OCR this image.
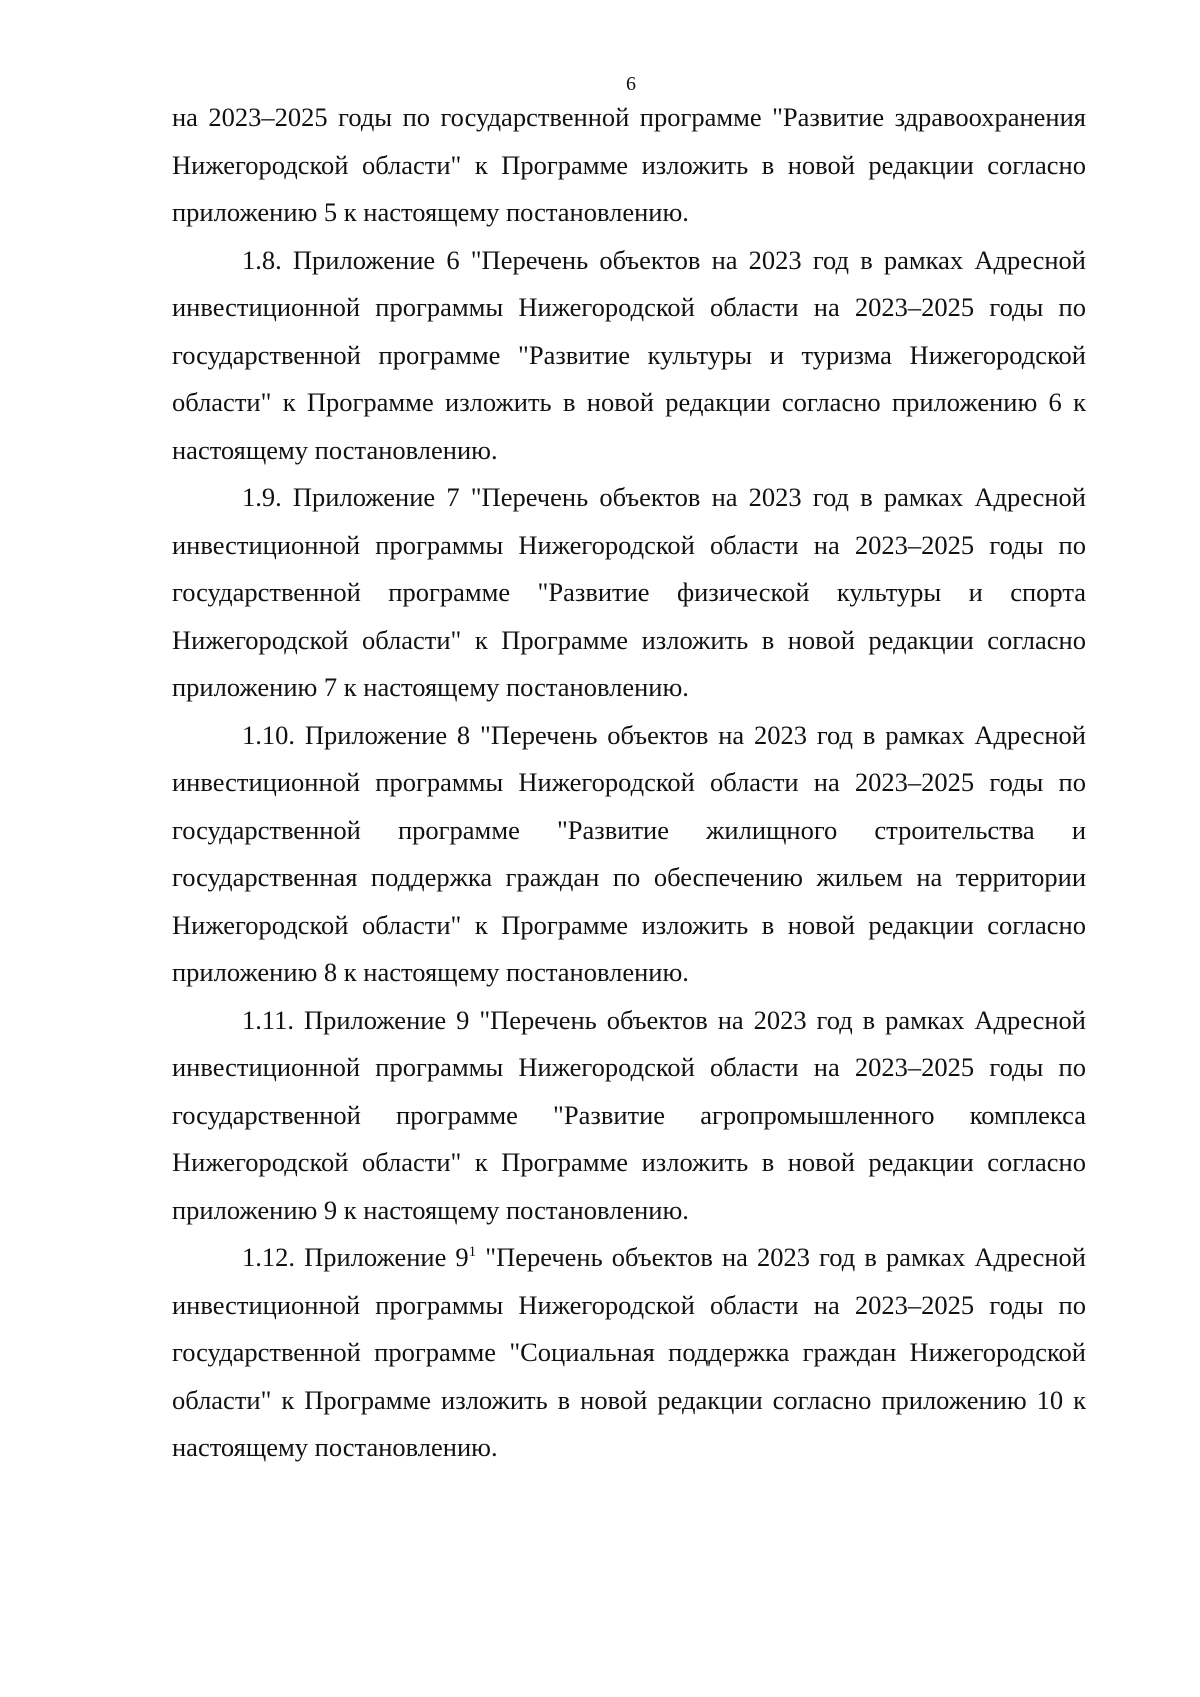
6

на 2023–2025 годы по государственной программе "Развитие здравоохранения Нижегородской области" к Программе изложить в новой редакции согласно приложению 5 к настоящему постановлению.

1.8. Приложение 6 "Перечень объектов на 2023 год в рамках Адресной инвестиционной программы Нижегородской области на 2023–2025 годы по государственной программе "Развитие культуры и туризма Нижегородской области" к Программе изложить в новой редакции согласно приложению 6 к настоящему постановлению.

1.9. Приложение 7 "Перечень объектов на 2023 год в рамках Адресной инвестиционной программы Нижегородской области на 2023–2025 годы по государственной программе "Развитие физической культуры и спорта Нижегородской области" к Программе изложить в новой редакции согласно приложению 7 к настоящему постановлению.

1.10. Приложение 8 "Перечень объектов на 2023 год в рамках Адресной инвестиционной программы Нижегородской области на 2023–2025 годы по государственной программе "Развитие жилищного строительства и государственная поддержка граждан по обеспечению жильем на территории Нижегородской области" к Программе изложить в новой редакции согласно приложению 8 к настоящему постановлению.

1.11. Приложение 9 "Перечень объектов на 2023 год в рамках Адресной инвестиционной программы Нижегородской области на 2023–2025 годы по государственной программе "Развитие агропромышленного комплекса Нижегородской области" к Программе изложить в новой редакции согласно приложению 9 к настоящему постановлению.

1.12. Приложение $9^1$ "Перечень объектов на 2023 год в рамках Адресной инвестиционной программы Нижегородской области на 2023–2025 годы по государственной программе "Социальная поддержка граждан Нижегородской области" к Программе изложить в новой редакции согласно приложению 10 к настоящему постановлению.
